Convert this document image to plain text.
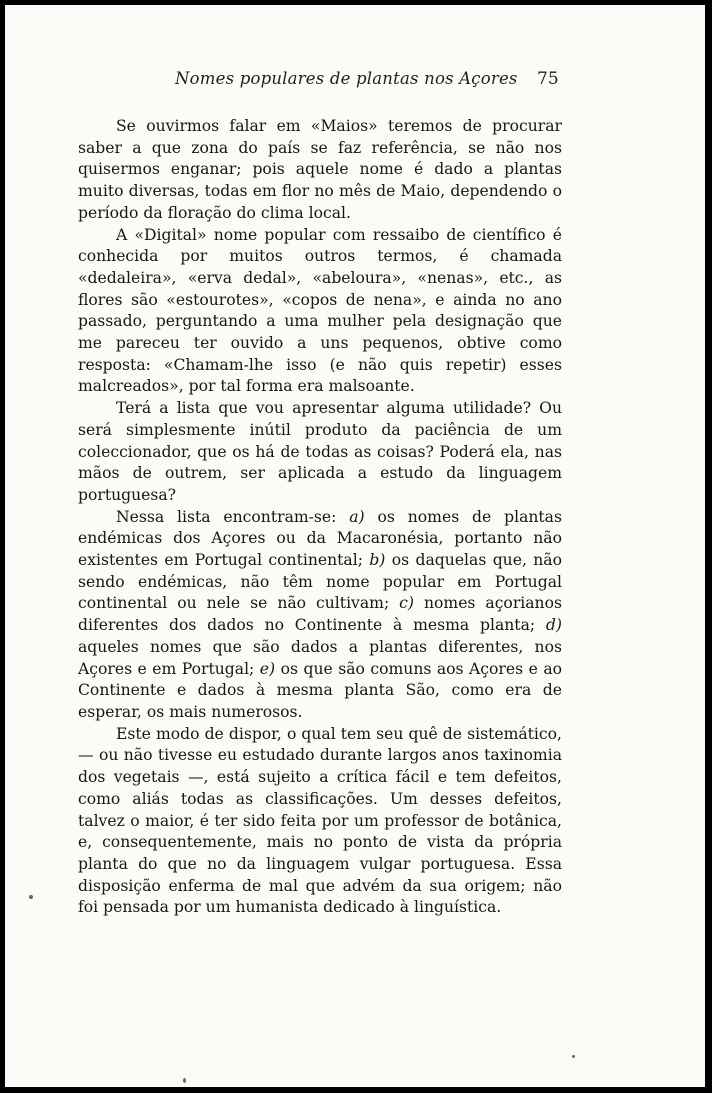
Nomes populares de plantas nos Açores 75

Se ouvirmos falar em «Maios» teremos de procurar saber a que zona do país se faz referência, se não nos quisermos enganar; pois aquele nome é dado a plantas muito diversas, todas em flor no mês de Maio, dependendo o período da floração do clima local.

A «Digital» nome popular com ressaibo de científico é conhecida por muitos outros termos, é chamada «dedaleira», «erva dedal», «abeloura», «nenas», etc., as flores são «estourotes», «copos de nena», e ainda no ano passado, perguntando a uma mulher pela designação que me pareceu ter ouvido a uns pequenos, obtive como resposta: «Chamam-lhe isso (e não quis repetir) esses malcreados», por tal forma era malsoante.

Terá a lista que vou apresentar alguma utilidade? Ou será simplesmente inútil produto da paciência de um coleccionador, que os há de todas as coisas? Poderá ela, nas mãos de outrem, ser aplicada a estudo da linguagem portuguesa?

Nessa lista encontram-se: a) os nomes de plantas endémicas dos Açores ou da Macaronésia, portanto não existentes em Portugal continental; b) os daquelas que, não sendo endémicas, não têm nome popular em Portugal continental ou nele se não cultivam; c) nomes açorianos diferentes dos dados no Continente à mesma planta; d) aqueles nomes que são dados a plantas diferentes, nos Açores e em Portugal; e) os que são comuns aos Açores e ao Continente e dados à mesma planta São, como era de esperar, os mais numerosos.

Este modo de dispor, o qual tem seu quê de sistemático, — ou não tivesse eu estudado durante largos anos taxinomia dos vegetais —, está sujeito a crítica fácil e tem defeitos, como aliás todas as classificações. Um desses defeitos, talvez o maior, é ter sido feita por um professor de botânica, e, consequentemente, mais no ponto de vista da própria planta do que no da linguagem vulgar portuguesa. Essa disposição enferma de mal que advém da sua origem; não foi pensada por um humanista dedicado à linguística.
